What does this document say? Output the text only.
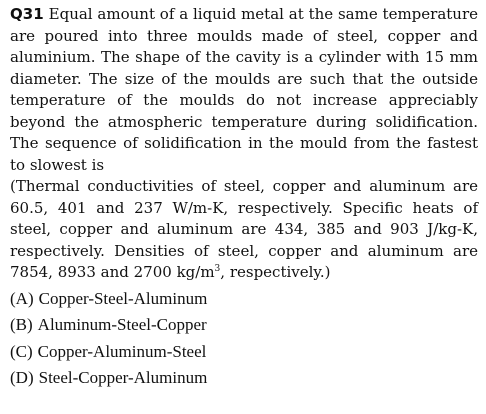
Q31 Equal amount of a liquid metal at the same temperature are poured into three moulds made of steel, copper and aluminium. The shape of the cavity is a cylinder with 15 mm diameter. The size of the moulds are such that the outside temperature of the moulds do not increase appreciably beyond the atmospheric temperature during solidification. The sequence of solidification in the mould from the fastest to slowest is

(Thermal conductivities of steel, copper and aluminum are 60.5, 401 and 237 W/m-K, respectively. Specific heats of steel, copper and aluminum are 434, 385 and 903 J/kg-K, respectively. Densities of steel, copper and aluminum are 7854, 8933 and 2700 $kg/m^3$, respectively.)

(A) Copper-Steel-Aluminum
(B) Aluminum-Steel-Copper
(C) Copper-Aluminum-Steel
(D) Steel-Copper-Aluminum
